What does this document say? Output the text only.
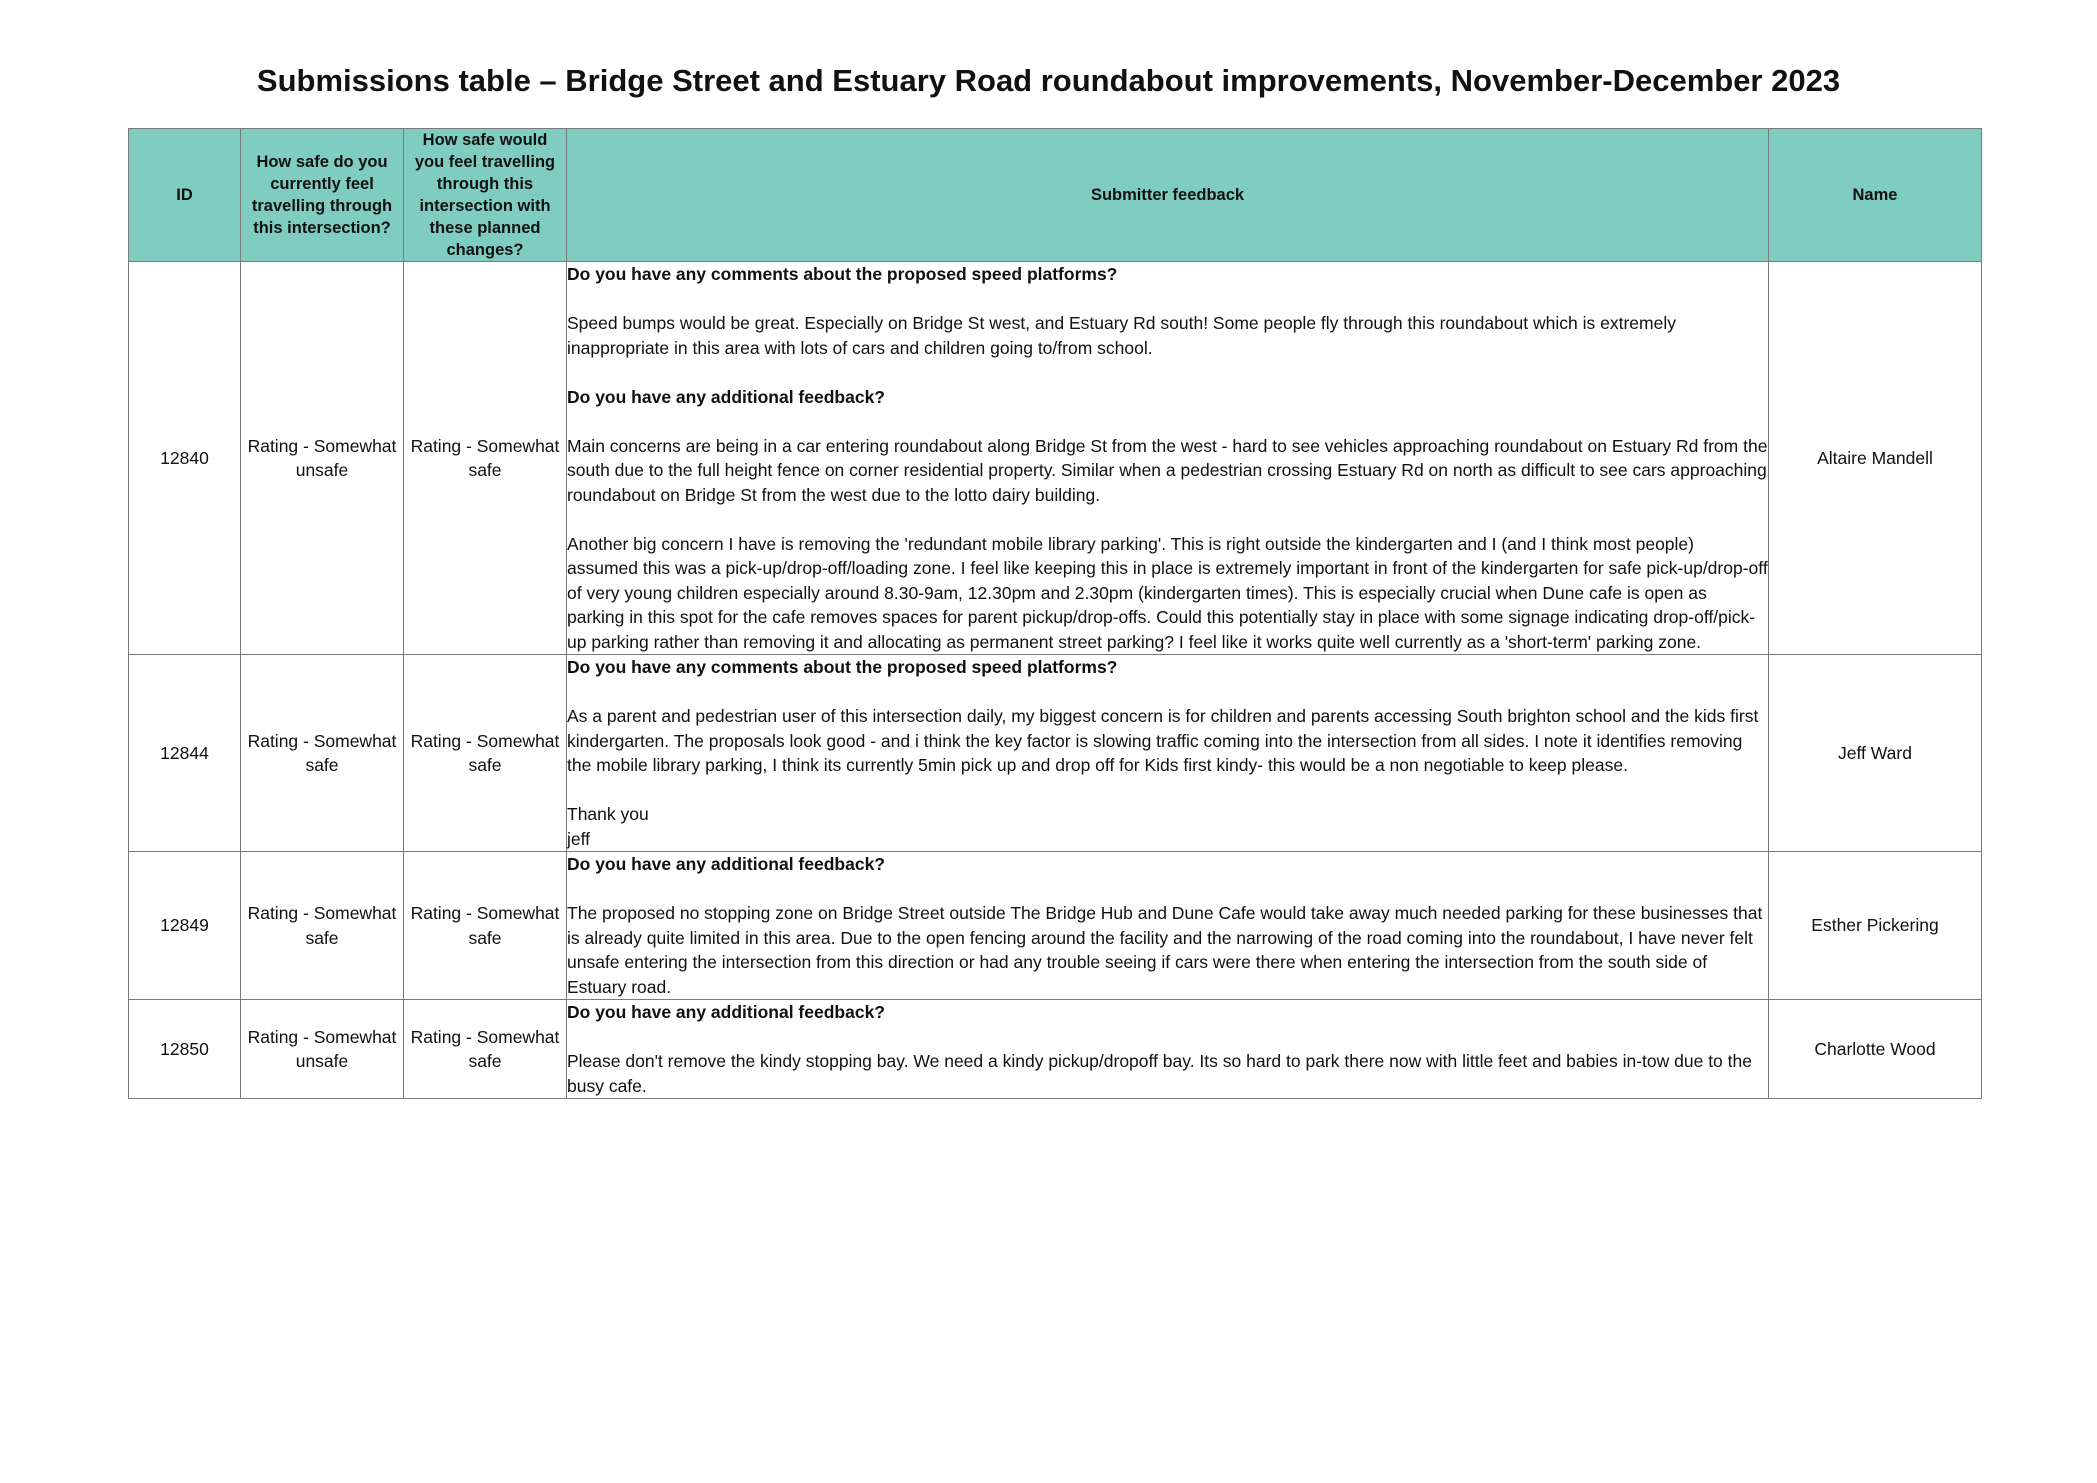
Submissions table – Bridge Street and Estuary Road roundabout improvements, November-December 2023
ID	How safe do you currently feel travelling through this intersection?	How safe would you feel travelling through this intersection with these planned changes?	Submitter feedback	Name
12840	Rating - Somewhat unsafe	Rating - Somewhat safe	Do you have any comments about the proposed speed platforms?
Speed bumps would be great. Especially on Bridge St west, and Estuary Rd south! Some people fly through this roundabout which is extremely inappropriate in this area with lots of cars and children going to/from school.
Do you have any additional feedback?
Main concerns are being in a car entering roundabout along Bridge St from the west - hard to see vehicles approaching roundabout on Estuary Rd from the south due to the full height fence on corner residential property. Similar when a pedestrian crossing Estuary Rd on north as difficult to see cars approaching roundabout on Bridge St from the west due to the lotto dairy building.
Another big concern I have is removing the 'redundant mobile library parking'. This is right outside the kindergarten and I (and I think most people) assumed this was a pick-up/drop-off/loading zone. I feel like keeping this in place is extremely important in front of the kindergarten for safe pick-up/drop-off of very young children especially around 8.30-9am, 12.30pm and 2.30pm (kindergarten times). This is especially crucial when Dune cafe is open as parking in this spot for the cafe removes spaces for parent pickup/drop-offs. Could this potentially stay in place with some signage indicating drop-off/pick-up parking rather than removing it and allocating as permanent street parking? I feel like it works quite well currently as a 'short-term' parking zone.	Altaire Mandell
12844	Rating - Somewhat safe	Rating - Somewhat safe	Do you have any comments about the proposed speed platforms?
As a parent and pedestrian user of this intersection daily, my biggest concern is for children and parents accessing South brighton school and the kids first kindergarten. The proposals look good - and i think the key factor is slowing traffic coming into the intersection from all sides. I note it identifies removing the mobile library parking, I think its currently 5min pick up and drop off for Kids first kindy- this would be a non negotiable to keep please.
Thank you
jeff	Jeff Ward
12849	Rating - Somewhat safe	Rating - Somewhat safe	Do you have any additional feedback?
The proposed no stopping zone on Bridge Street outside The Bridge Hub and Dune Cafe would take away much needed parking for these businesses that is already quite limited in this area. Due to the open fencing around the facility and the narrowing of the road coming into the roundabout, I have never felt unsafe entering the intersection from this direction or had any trouble seeing if cars were there when entering the intersection from the south side of Estuary road.	Esther Pickering
12850	Rating - Somewhat unsafe	Rating - Somewhat safe	Do you have any additional feedback?
Please don't remove the kindy stopping bay. We need a kindy pickup/dropoff bay. Its so hard to park there now with little feet and babies in-tow due to the busy cafe.	Charlotte Wood
